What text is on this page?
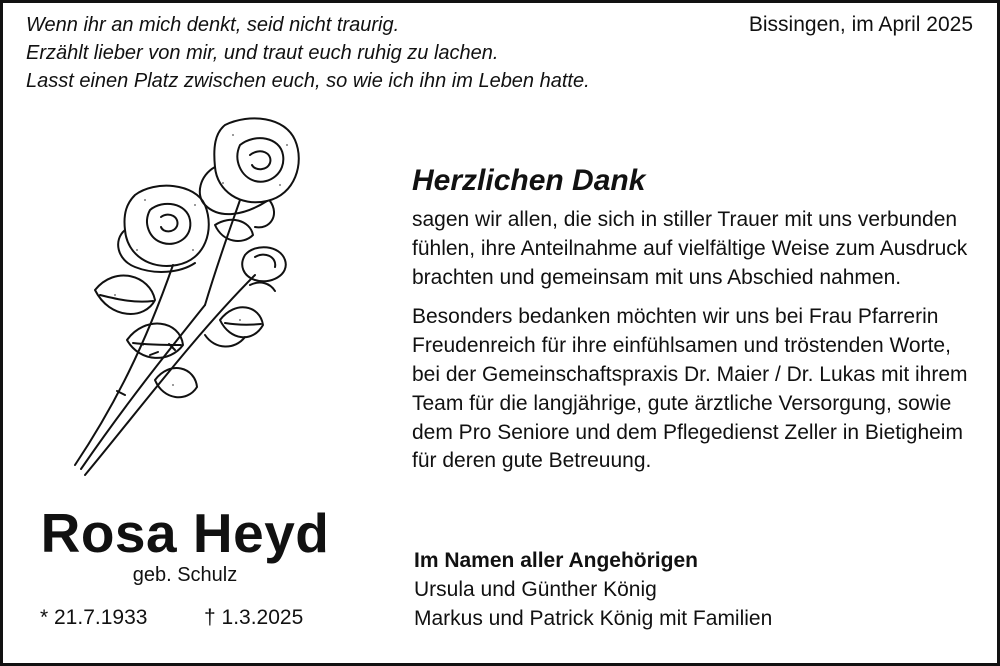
Wenn ihr an mich denkt, seid nicht traurig.
Erzählt lieber von mir, und traut euch ruhig zu lachen.
Lasst einen Platz zwischen euch, so wie ich ihn im Leben hatte.
Bissingen, im April 2025
Rosa Heyd
geb. Schulz
* 21.7.1933	† 1.3.2025
Herzlichen Dank
sagen wir allen, die sich in stiller Trauer mit uns verbunden fühlen, ihre Anteilnahme auf vielfältige Weise zum Ausdruck brachten und gemeinsam mit uns Abschied nahmen.
Besonders bedanken möchten wir uns bei Frau Pfarrerin Freudenreich für ihre einfühlsamen und tröstenden Worte, bei der Gemeinschaftspraxis Dr. Maier / Dr. Lukas mit ihrem Team für die langjährige, gute ärztliche Versorgung, sowie dem Pro Seniore und dem Pflegedienst Zeller in Bietigheim für deren gute Betreuung.
Im Namen aller Angehörigen
Ursula und Günther König
Markus und Patrick König mit Familien
